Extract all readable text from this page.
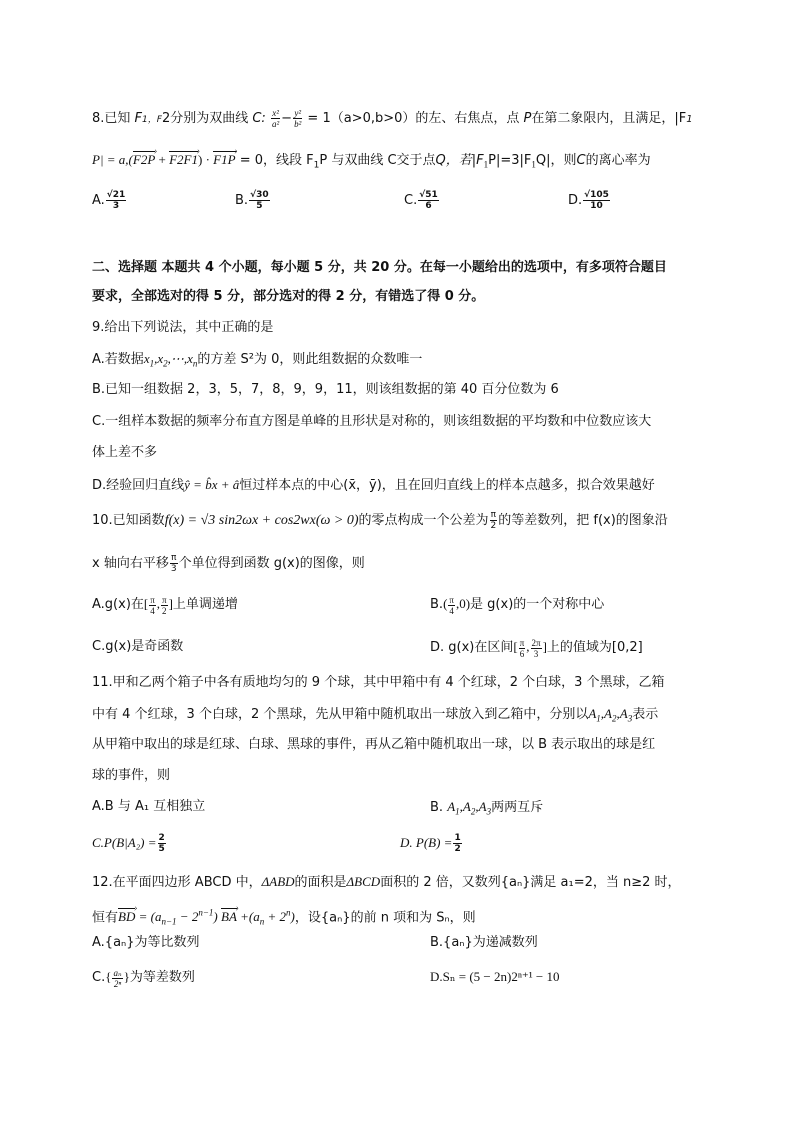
8.已知 F1，F2分别为双曲线 C: $\frac{\text{x²}}{\text{a²}} - \frac{\text{y²}}{\text{b²}} = 1(a>0,b>0)$的左、右焦点，点 P在第二象限内，且满足，|F1
P| = a,(F2P › + F2F1 ›) · F1P › = 0，线段 $F_1P$ 与双曲线 C交于点Q，若$|F_1P|=3|F_1Q|$，则C的离心率为
A. $\frac{√21}{3}$	B. $\frac{√30}{5}$	C. $\frac{√51}{6}$	D. $\frac{√105}{10}$
二、选择题 本题共 4 个小题，每小题 5 分，共 20 分。在每一小题给出的选项中，有多项符合题目
要求，全部选对的得 5 分，部分选对的得 2 分，有错选了得 0 分。
9.给出下列说法，其中正确的是
A.若数据$x_1,x_2,\cdots,x_n$的方差 S²为 0，则此组数据的众数唯一
B.已知一组数据 2，3，5，7，8，9，9，11，则该组数据的第 40 百分位数为 6
C.一组样本数据的频率分布直方图是单峰的且形状是对称的，则该组数据的平均数和中位数应该大
体上差不多
D.经验回归直线ŷ = b̂x + â恒过样本点的中心(x̄，ȳ)，且在回归直线上的样本点越多，拟合效果越好
10.已知函数f(x) = √3 sin2ωx + cos2wx(ω > 0)的零点构成一个公差为 $\frac{\pi}{2}$ 的等差数列，把 f(x)的图象沿
x 轴向右平移 $\frac{\pi}{3}$ 个单位得到函数 g(x)的图像，则
A.g(x)在[ $\frac{\pi}{4}$ , $\frac{\pi}{2}$ ]上单调递增	$B.( \frac{\pi}{4} ,0)$是 g(x)的一个对称中心
C.g(x)是奇函数	D. g(x)在区间[ $\frac{\pi}{6}$ , $\frac{2\pi}{3}$ ]上的值域为[0,2]
11.甲和乙两个箱子中各有质地均匀的 9 个球，其中甲箱中有 4 个红球，2 个白球，3 个黑球，乙箱
中有 4 个红球，3 个白球，2 个黑球，先从甲箱中随机取出一球放入到乙箱中，分别以$A_1,A_2,A_3$表示
从甲箱中取出的球是红球、白球、黑球的事件，再从乙箱中随机取出一球，以 B 表示取出的球是红
球的事件，则
A.B 与 A₁ 互相独立	B. $A_1,A_2,A_3$两两互斥
$C.P(B|A_2) = \frac{2}{5}$	D. $P(B) = \frac{1}{2}$
12.在平面四边形 ABCD 中，ΔABD的面积是ΔBCD面积的 2 倍，又数列{aₙ}满足 a₁=2，当 n≥2 时，
恒有BD › = $(a_{n-1} - 2^{n-1})$ BA › $+(a_n + 2^n)$，设{aₙ}的前 n 项和为 Sₙ，则
A.{aₙ}为等比数列	B.{aₙ}为递减数列
$C.\{ \frac{\text{aₙ}}{\text{2ⁿ}}$ }为等差数列	D.Sₙ = (5 − 2n)2ⁿ⁺¹ − 10
